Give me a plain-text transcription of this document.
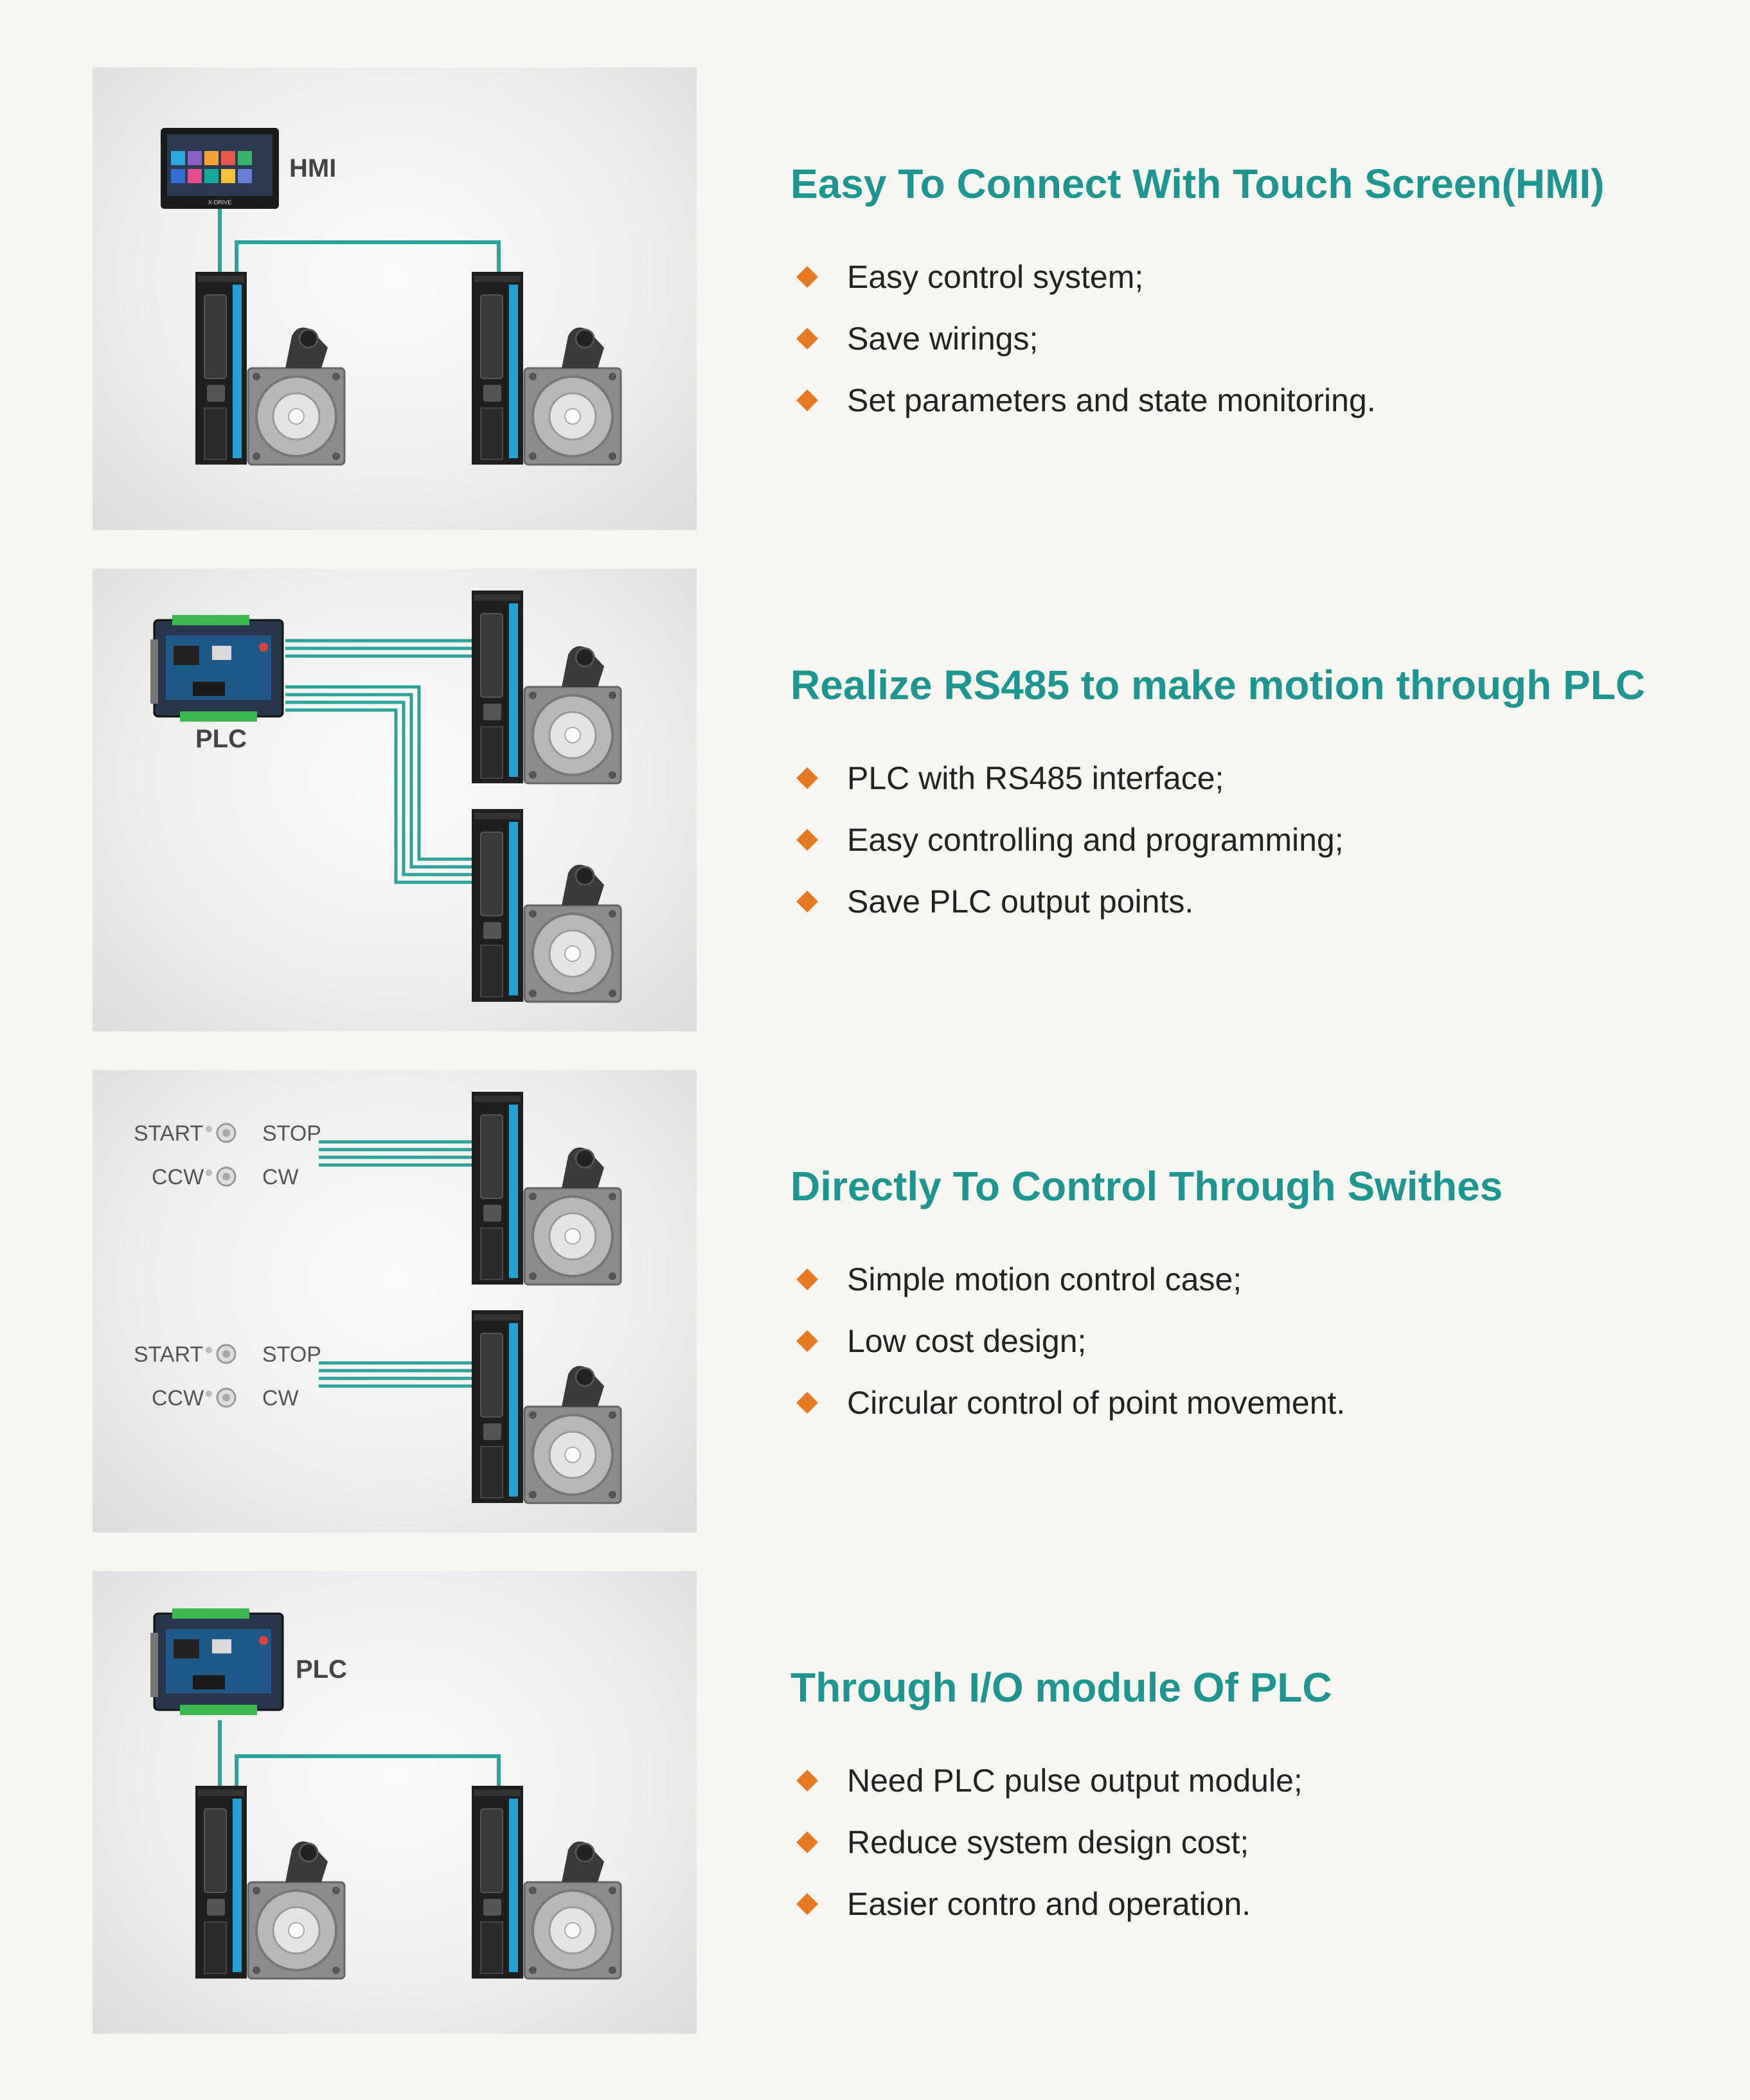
X-DRIVE
HMI	Easy To Connect With Touch Screen(HMI)
Easy control system;
Save wirings;
Set parameters and state monitoring.
PLC
Realize RS485 to make motion through PLC
PLC with RS485 interface;
Easy controlling and programming;
Save PLC output points.
START
CCW
STOP
CW
START
CCW
STOP
CW
Directly To Control Through Swithes
Simple motion control case;
Low cost design;
Circular control of point movement.
PLC	Through I/O module Of PLC
Need PLC pulse output module;
Reduce system design cost;
Easier contro and operation.
